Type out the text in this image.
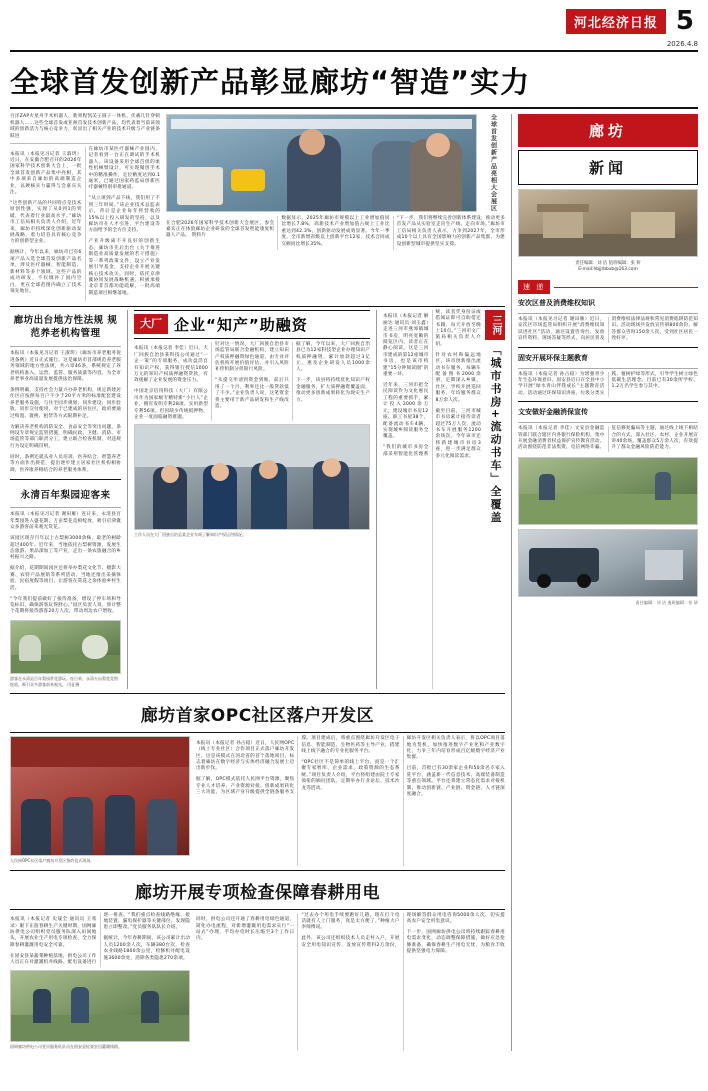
河北经济日报 5
2026.4.8
全球首发创新产品彰显廊坊“智造”实力
百洋ZAP火星舟手术机器人、新果程凯美子圆子一体机、伏羲几针穿刺机器人……这些全球首发或亚洲首发技术创新产品，均代表着当前该领域的创新活力与核心竞争力，彰显出了相关产业的技术升级与产业链条跃进

本报讯（本报见习记者 王淑玥）近日，在安徽合肥召开的2026年国家科学技术创新大会上，一批全球首发创新产品集中亮相，其中多项来自廊坊的高端制造企业，以硬核实力赢得与会嘉宾关注。

“这些创新产品的共同特点是技术原创性强，实现了从0到1的突破，代表着行业最高水平。”廊坊市工信局相关负责人介绍，近年来，廊坊市持续深化创新驱动发展战略，着力培育具有核心竞争力的创新型企业。

据统计，今年以来，廊坊市已有6项产品入选全球首发创新产品名单，涉及医疗器械、智能制造、新材料等多个领域。这些产品的成功研发，不仅填补了国内空白，更在全球范围内确立了技术领先地位。

在廊坊市某医疗器械产业园内，记者看到一台正在调试的手术机器人。该设备采用全球首创的柔性机械臂设计，可实现微创手术中的精准操作，定位精度达到0.1毫米，已通过国家药监局创新医疗器械特别审批通道。

“从立项到产品下线，我们用了不到三年时间。”该企业技术总监表示，背后是企业每年将营收的15%以上投入研发的坚持，以及廊坊市在人才引进、平台建设等方面给予的全方位支持。

产业升级离不开良好的创新生态。廊坊市先后出台《关于推进制造业高质量发展的若干措施》等一系列政策文件，设立产业发展引导基金，支持企业开展关键核心技术攻关。同时，依托京津冀协同发展战略机遇，积极承接北京非首都功能疏解，一批高端制造项目相继落地。

全球首发创新产品亮相大会展区

在合肥2026年国家科学技术创新大会展区，参会嘉宾正在体验廊坊企业研发的全球首发智能康复机器人产品。 资料片

数据显示，2025年廊坊市规模以上工业增加值同比增长7.8%，高新技术产业增加值占规上工业比重达到42.3%，创新驱动发展成效显著。今年一季度，全市新增省级以上创新平台12家，技术合同成交额同比增长35%。

“下一步，我们将继续完善创新体系建设，推动更多首发产品从实验室走向生产线、走向市场。”廊坊市工信局相关负责人表示，力争到2027年，全市形成10个以上具有全国影响力的创新产品集群，为建设创新型城市提供坚实支撑。

廊坊出台地方性法规 规范养老机构管理

本报讯（本报见习记者 王淑玥）《廊坊市养老服务促进条例》近日正式施行。这是廊坊市首部规范养老服务领域的地方性法规，共六章46条，系统规定了养老机构准入、运营、监管、服务质量等内容，为全市养老事业高质量发展提供法治保障。

条例明确，支持社会力量兴办养老机构，规定新建居住区应按照每百户不少于20平方米的标准配套建设养老服务设施，与住宅同步规划、同步建设、同步验收、同步交付使用。对于已建成的居住区，政府要通过购置、置换、租赁等方式限期补足。

为解决养老机构消防安全、食品安全等突出问题，条例设专章规定监管措施，明确民政、卫健、消防、市场监管等部门职责分工，建立联合检查机制，对违规行为设定明确罚则。

同时，条例还就从业人员培训、医养结合、智慧养老等方面作出规范，提出逐步建立居家社区机构相协调、医养康养相结合的养老服务体系。

永清百年梨园迎客来

本报讯（本报见习记者 谢田雁）连日来，永清县百年梨园进入盛花期，万亩梨花竞相绽放，吸引京津冀众多游客前来观光赏花。

该园区现存百年以上古梨树3000余株，最老的树龄超过400年。近年来，当地依托古梨树资源，发展生态旅游、果品深加工等产业，走出一条农旅融合的乡村振兴之路。

据介绍，花期期间园区还将举办梨花文化节、摄影大赛、农特产品展销等系列活动。当地还推出采摘体验、民宿度假等项目，让游客在赏花之余体验乡村生活。

“今年我们提前做好了接待准备，增设了停车场和导览标识，确保游客玩得舒心。”园区负责人说，预计整个花期将接待游客20万人次，带动周边农户增收。

游客在永清县百年梨园赏花游玩。连日来，永清万亩梨花竞相绽放，吸引众多游客前来观光。 闫征摄
大厂 企业“知产”助融资

本报讯（本报记者 李佳）近日，大厂回族自治县某科技公司通过“一企一策”的专项服务，成功盘活自有知识产权，获得银行授信1000万元的知识产权质押融资贷款，有效缓解了企业发展的资金压力。

中国北京信用科技（大厂）有限公司作为国家级专精特新“小巨人”企业，拥有发明专利28项、实用新型专利56项。但因缺少传统抵押物，企业一度面临融资难题。

针对这一情况，大厂回族自治县市场监管局联合金融机构，建立知识产权质押融资绿色通道，由专业评估机构开展价值评估，并引入风险补偿机制分担银行风险。

“从提交申请到资金到账，前后只用了一个月，利率还比一般贷款低了不少。”企业负责人说，这笔资金将主要用于新产品研发和生产线改造。

据了解，今年以来，大厂回族自治县已为12家科技型企业办理知识产权质押融资，累计放款超过3亿元，惠及企业研发人员1000余人。

下一步，该县将持续优化知识产权金融服务，扩大质押融资覆盖面，推动更多创新成果转化为现实生产力。

工作人员在大厂回族自治县某企业车间了解知识产权运用情况。

本报讯（本报记者 解丽达 通讯员 刘玉鑫）走进三河市燕郊镇城市书房，明亮宽敞的阅览区内，读者正在静心阅读。这是三河市建成的第12座城市书房，也是该市构建“15分钟阅读圈”的重要一环。

近年来，三河市把全民阅读作为文化惠民工程的重要抓手，累计投入2000余万元，建设城市书房12座、职工书屋38个，配备流动书车4辆，实现城乡阅读服务全覆盖。

“我们的城市书房全部采用智能化管理系统，读者凭身份证或借阅证即可自助借还书籍，每天开放至晚上10点。”三河市文广旅局相关负责人介绍。

针对农村和偏远地区，该市创新推出流动书车服务，每辆车配备图书2000余册，定期深入乡镇、社区、学校开展巡回服务，年均服务群众8万余人次。

截至目前，三河市城市书房累计接待读者超过75万人次，流动书车开展服务1200余场次。今年该市还将新建城市书房3座，进一步满足群众多元化阅读需求。

三河
「城市书房+流动书车」全覆盖
廊坊首家OPC社区落户开发区
人民网OPC社区落户廊坊开发区签约仪式现场。

本报讯（本报记者 孙占稳）近日，人民网OPC（线上专业社区）合作项目正式落户廊坊开发区，这是该模式在河北省的首个落地项目，标志着廊坊在数字经济与实体经济融合发展上迈出新步伐。

据了解，OPC模式依托人民网平台资源，聚焦专业人才培养、产业资源对接、创新成果转化三大功能，为区域产业升级提供全链条服务支撑。项目建成后，将重点围绕廊坊开发区电子信息、智能制造、生物医药等主导产业，搭建线上线下融合的专业化服务平台。

“OPC社区不是简单的线上平台，而是一个汇聚专家智库、企业需求、政策资源的生态系统。”项目负责人介绍，平台将组建由院士专家领衔的顾问团队，定期举办行业论坛、技术沙龙等活动。

廊坊开发区相关负责人表示，将以OPC项目落地为契机，加快推进数字产业化和产业数字化，力争三年内培育形成百亿级数字经济产业集群。

目前，首批已有30余家企业和50余名专家入驻平台，涵盖新一代信息技术、高端装备制造等重点领域。平台还将建立常态化需求对接机制，推动创新链、产业链、资金链、人才链深度融合。

廊坊开展专项检查保障春耕用电

本报讯（本报记者 史晟全 通讯员 王希录）眼下正值春耕生产关键时期，国网廊坊供电公司组织党员服务队深入田间地头，开展农业生产用电专项检查，全力保障春耕灌溉用电安全可靠。

在固安县某蔬菜种植基地，供电公司工作人员正在对灌溉机井线路、配电设备进行逐一排查。“我们重点检查线路绝缘、接地装置、漏电保护器等关键部位，发现隐患立即整改。”党员服务队队长介绍。

据统计，今年春耕期间，该公司累计出动人员1200余人次，车辆380台次，检查农业线路1800余公里，检修机井配电设施3600余处，消除各类隐患270余项。

国网廊坊供电公司党员服务队队员在固安县检查农田灌溉线路。

同时，供电公司还开通了春耕用电绿色通道，简化办电流程，对新增灌溉用电需求实行“一站式”办理，平均办电时长压缩至3个工作日内。

“过去办个用电手续要跑好几趟，现在打个电话就有人上门服务，真是太方便了。”种植大户李师傅说。

此外，该公司还组织技术人员走村入户，开展安全用电知识宣传，发放宣传资料2万余份，现场解答群众用电咨询5000余人次，切实提高农户安全用电意识。

下一步，国网廊坊供电公司将持续跟踪春耕用电需求变化，动态调整保障措施，做好应急抢修准备，确保春耕生产用电无忧，为粮食丰收提供坚强电力保障。

廊坊
新闻
责任编辑：刘 洁 值班编辑：张 妍
E-mail:hbjjrbbxb@163.com
速 递
安次区普及消费维权知识
本报讯（本报见习记者 谢田雁）近日，安次区市场监管局组织开展“消费维权知识进社区”活动，通过设置咨询台、发放宣传资料、现场答疑等形式，向居民普及消费维权法律法规和常见消费陷阱防范知识。活动现场共发放宣传册800余份，解答群众咨询150余人次，受到社区居民一致好评。
固安开展环保主题教育
本报讯（本报记者 孙占稳）为增强青少年生态环保意识，固安县近日在全县中小学开展“绿水青山伴我成长”主题教育活动。活动通过环保知识讲座、垃圾分类实践、植树护绿等形式，引导学生树立绿色低碳生活理念。目前已有30余所学校、1.2万名学生参与其中。
文安做好金融消保宣传
本报讯（本报记者 李佳）文安县金融监管部门联合辖区内各银行保险机构，集中开展金融消费者权益保护宣传教育活动。活动围绕防范非法集资、电信网络诈骗、征信修复骗局等主题，通过线上线下相结合的方式，深入社区、农村、企业开展宣讲40余场，覆盖群众5万余人次，有效提升了群众金融风险防范能力。
责任编辑：刘 洁 值班编辑：张 妍
